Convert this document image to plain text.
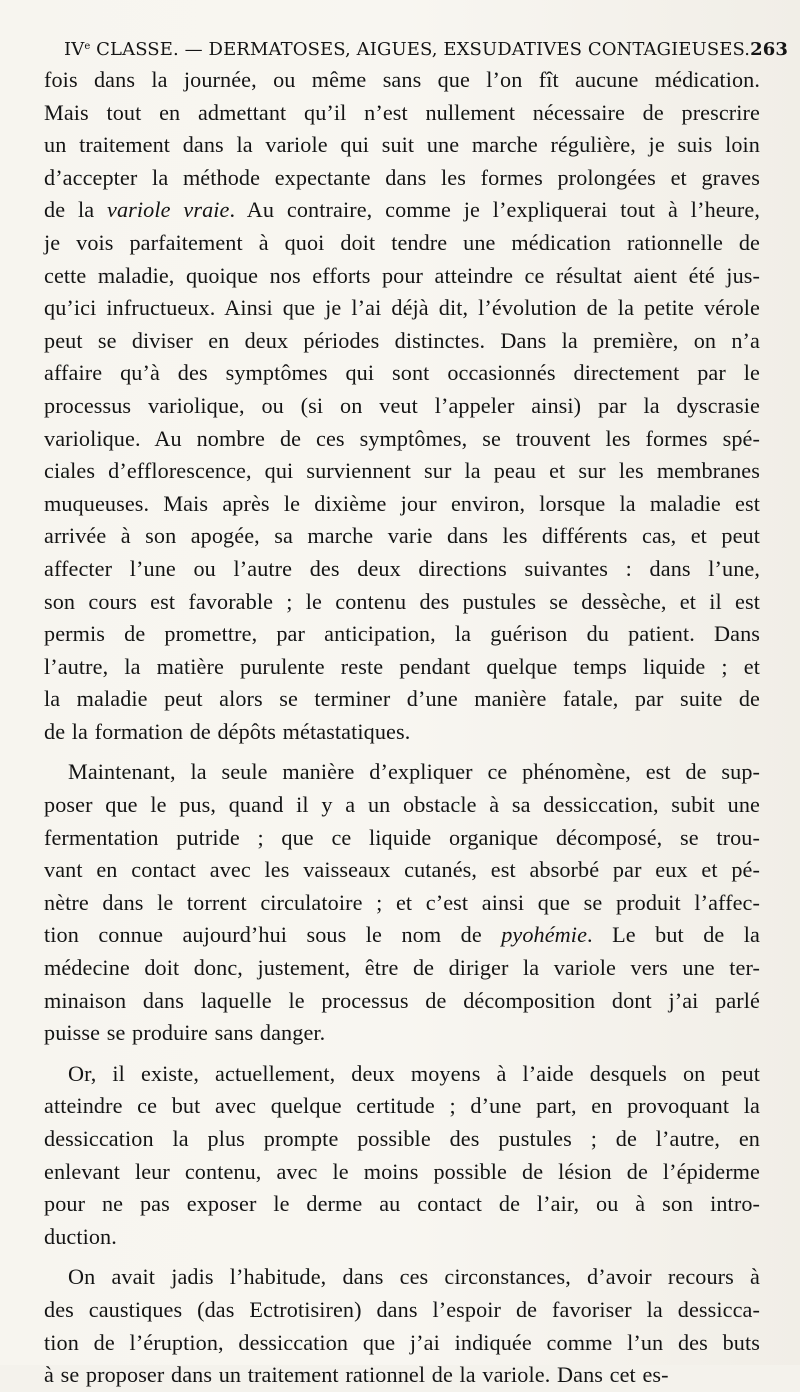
IVe CLASSE. — DERMATOSES, AIGUES, EXSUDATIVES CONTAGIEUSES. 263
fois dans la journée, ou même sans que l’on fît aucune médication.
Mais tout en admettant qu’il n’est nullement nécessaire de prescrire
un traitement dans la variole qui suit une marche régulière, je suis loin
d’accepter la méthode expectante dans les formes prolongées et graves
de la variole vraie. Au contraire, comme je l’expliquerai tout à l’heure,
je vois parfaitement à quoi doit tendre une médication rationnelle de
cette maladie, quoique nos efforts pour atteindre ce résultat aient été jus-
qu’ici infructueux. Ainsi que je l’ai déjà dit, l’évolution de la petite vérole
peut se diviser en deux périodes distinctes. Dans la première, on n’a
affaire qu’à des symptômes qui sont occasionnés directement par le
processus variolique, ou (si on veut l’appeler ainsi) par la dyscrasie
variolique. Au nombre de ces symptômes, se trouvent les formes spé-
ciales d’efflorescence, qui surviennent sur la peau et sur les membranes
muqueuses. Mais après le dixième jour environ, lorsque la maladie est
arrivée à son apogée, sa marche varie dans les différents cas, et peut
affecter l’une ou l’autre des deux directions suivantes : dans l’une,
son cours est favorable ; le contenu des pustules se dessèche, et il est
permis de promettre, par anticipation, la guérison du patient. Dans
l’autre, la matière purulente reste pendant quelque temps liquide ; et
la maladie peut alors se terminer d’une manière fatale, par suite de
de la formation de dépôts métastatiques.
Maintenant, la seule manière d’expliquer ce phénomène, est de sup-
poser que le pus, quand il y a un obstacle à sa dessiccation, subit une
fermentation putride ; que ce liquide organique décomposé, se trou-
vant en contact avec les vaisseaux cutanés, est absorbé par eux et pé-
nètre dans le torrent circulatoire ; et c’est ainsi que se produit l’affec-
tion connue aujourd’hui sous le nom de pyohémie. Le but de la
médecine doit donc, justement, être de diriger la variole vers une ter-
minaison dans laquelle le processus de décomposition dont j’ai parlé
puisse se produire sans danger.
Or, il existe, actuellement, deux moyens à l’aide desquels on peut
atteindre ce but avec quelque certitude ; d’une part, en provoquant la
dessiccation la plus prompte possible des pustules ; de l’autre, en
enlevant leur contenu, avec le moins possible de lésion de l’épiderme
pour ne pas exposer le derme au contact de l’air, ou à son intro-
duction.
On avait jadis l’habitude, dans ces circonstances, d’avoir recours à
des caustiques (das Ectrotisiren) dans l’espoir de favoriser la dessicca-
tion de l’éruption, dessiccation que j’ai indiquée comme l’un des buts
à se proposer dans un traitement rationnel de la variole. Dans cet es-
